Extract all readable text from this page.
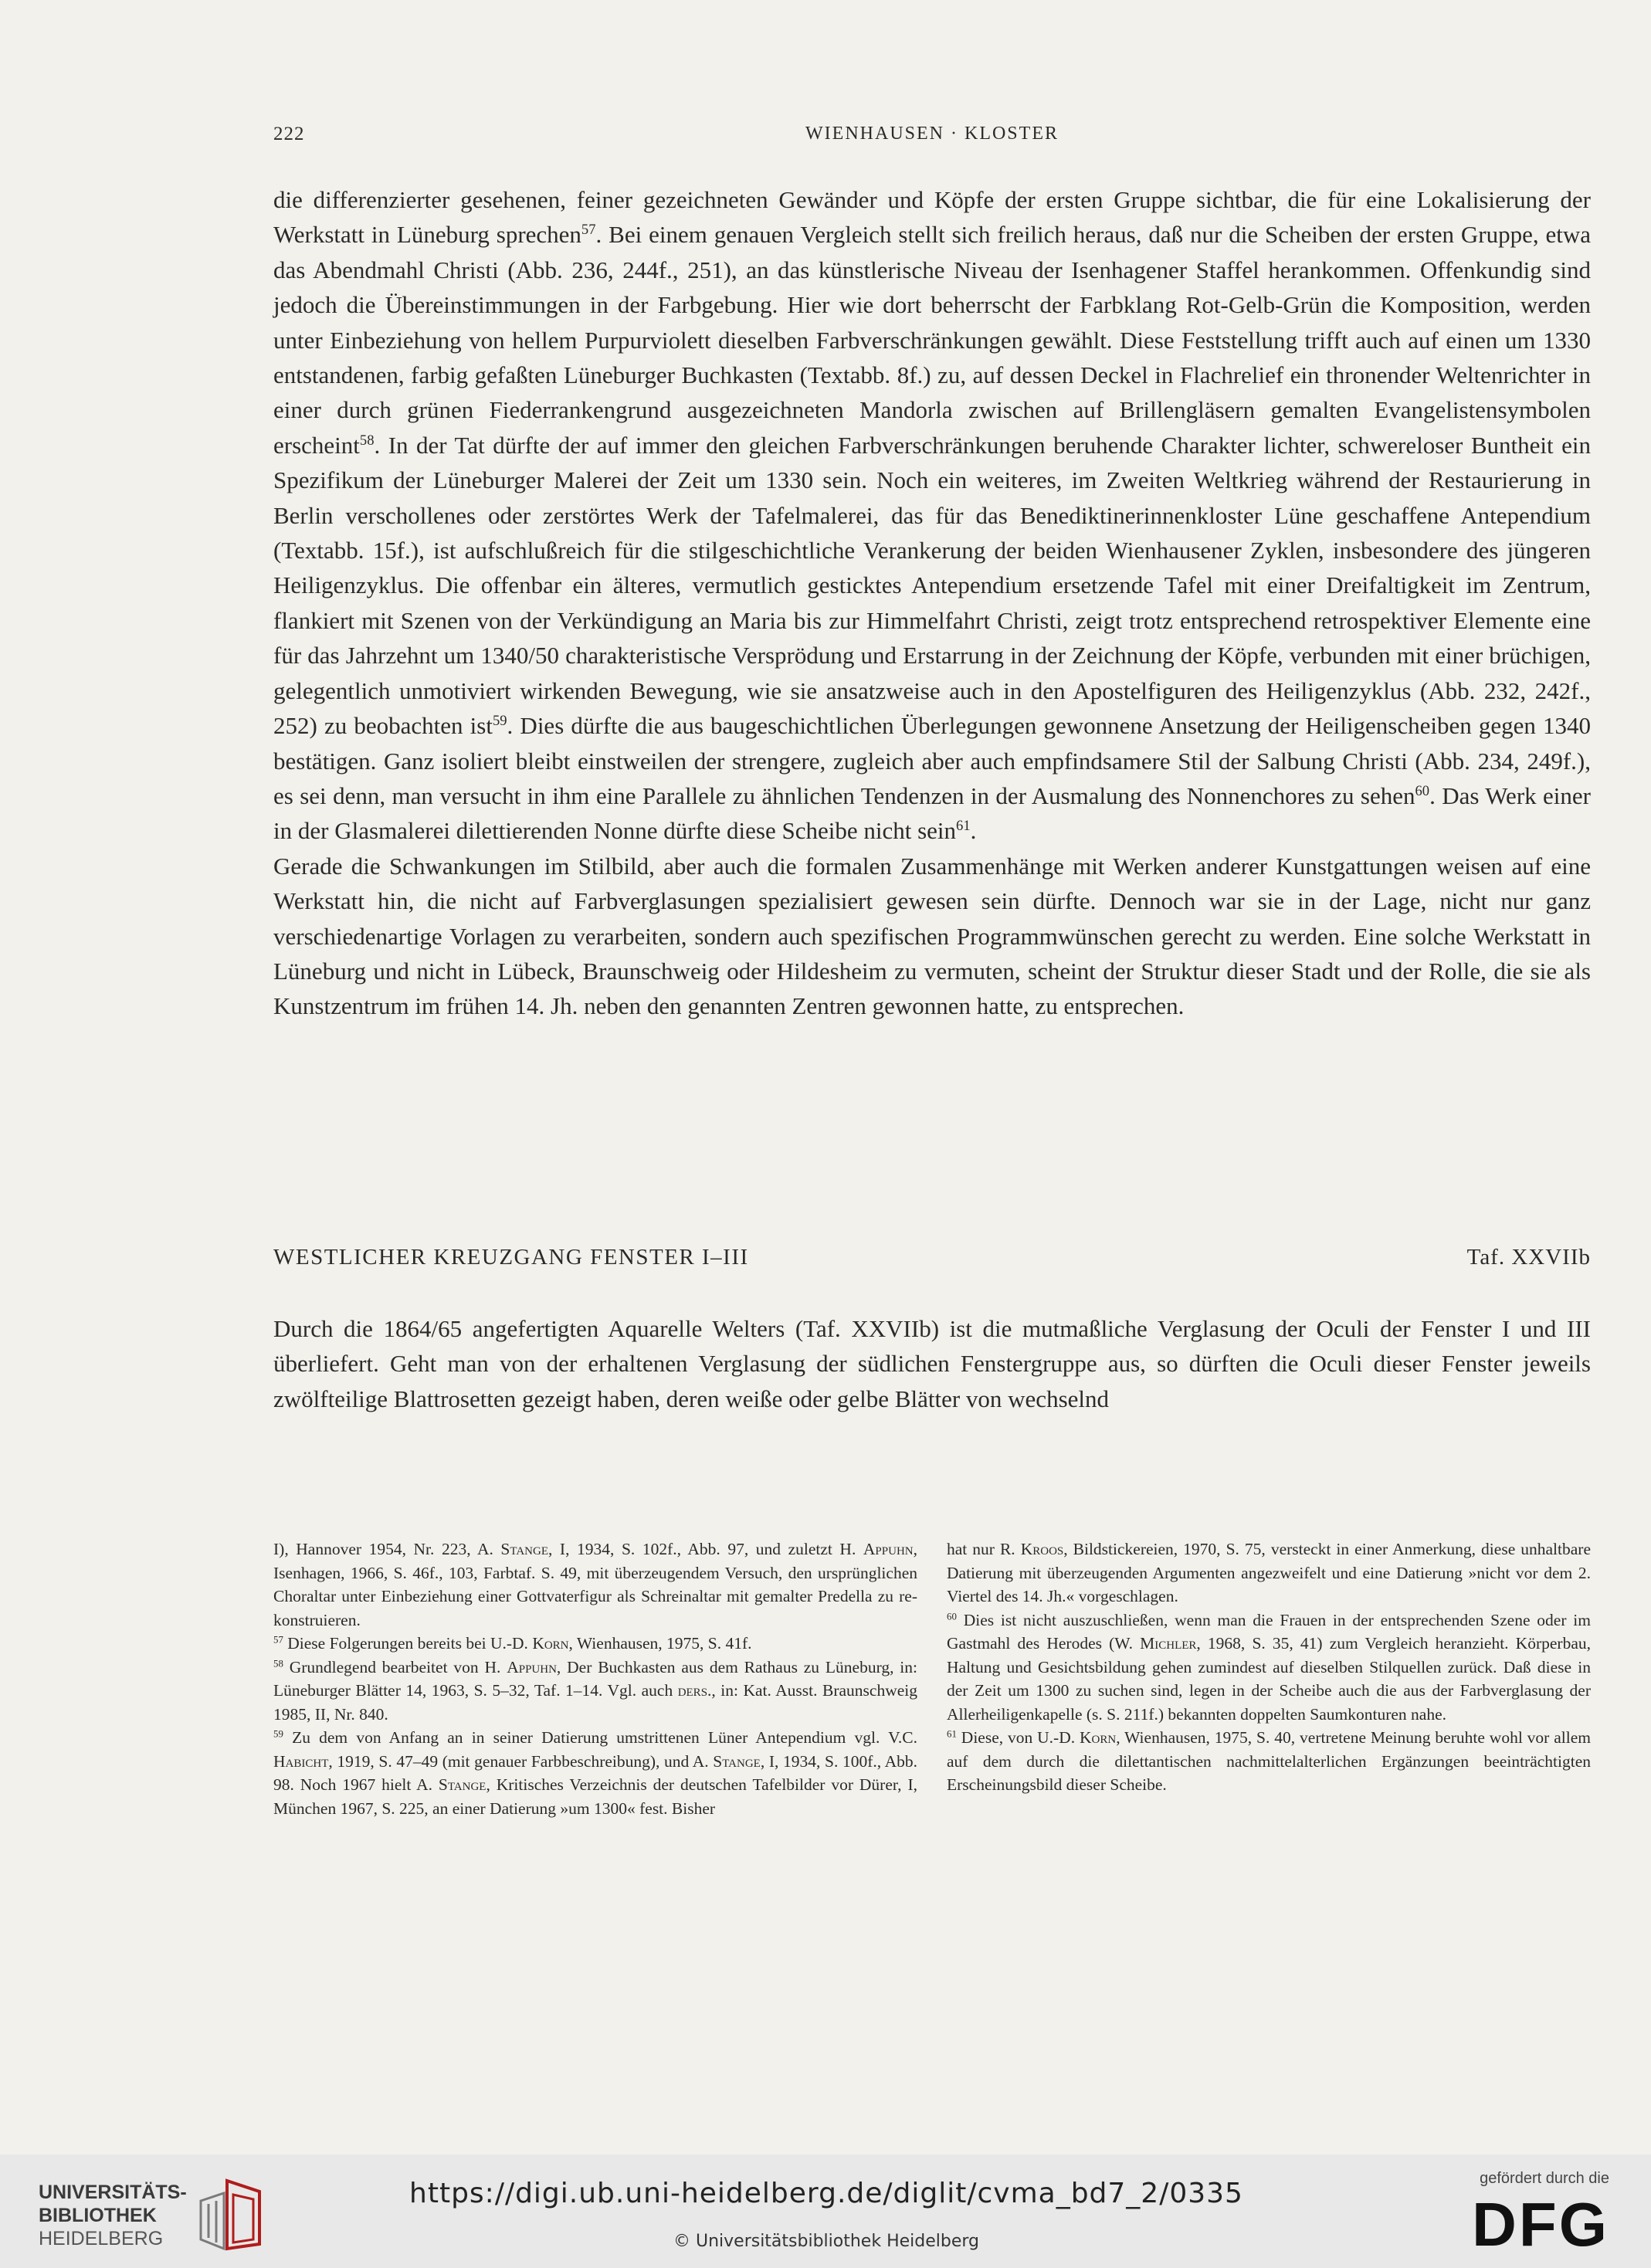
222	WIENHAUSEN · KLOSTER

die differenzierter gesehenen, feiner gezeichneten Gewänder und Köpfe der ersten Gruppe sichtbar, die für eine Lokalisierung der Werkstatt in Lüneburg sprechen$^{57}$. Bei einem genauen Vergleich stellt sich freilich heraus, daß nur die Scheiben der ersten Gruppe, etwa das Abendmahl Christi (Abb. 236, 244f., 251), an das künstlerische Niveau der Isenhagener Staffel herankommen. Offenkundig sind jedoch die Übereinstimmungen in der Farbgebung. Hier wie dort beherrscht der Farbklang Rot-Gelb-Grün die Komposition, werden unter Einbeziehung von hellem Purpurviolett dieselben Farbverschränkungen gewählt. Diese Feststellung trifft auch auf einen um 1330 entstandenen, farbig gefaßten Lüneburger Buchkasten (Textabb. 8f.) zu, auf dessen Deckel in Flachrelief ein thronender Weltenrichter in einer durch grünen Fiederrankengrund ausgezeichneten Mandorla zwischen auf Brillengläsern gemalten Evangelistensymbolen erscheint$^{58}$. In der Tat dürfte der auf immer den gleichen Farbverschränkungen beruhende Charakter lichter, schwereloser Buntheit ein Spezifikum der Lüneburger Malerei der Zeit um 1330 sein. Noch ein weiteres, im Zweiten Weltkrieg während der Restaurierung in Berlin verschollenes oder zerstörtes Werk der Tafelmalerei, das für das Benediktinerinnenkloster Lüne geschaffene Antependium (Textabb. 15f.), ist aufschlußreich für die stilgeschichtliche Verankerung der beiden Wienhausener Zyklen, insbesondere des jüngeren Heiligenzyklus. Die offenbar ein älteres, vermutlich gesticktes Antependium ersetzende Tafel mit einer Dreifaltigkeit im Zentrum, flankiert mit Szenen von der Verkündigung an Maria bis zur Himmelfahrt Christi, zeigt trotz entsprechend retrospektiver Elemente eine für das Jahrzehnt um 1340/50 charakteristische Versprödung und Erstarrung in der Zeichnung der Köpfe, verbunden mit einer brüchigen, gelegentlich unmotiviert wirkenden Bewegung, wie sie ansatzweise auch in den Apostelfiguren des Heiligenzyklus (Abb. 232, 242f., 252) zu beobachten ist$^{59}$. Dies dürfte die aus baugeschichtlichen Überlegungen gewonnene Ansetzung der Heiligenscheiben gegen 1340 bestätigen. Ganz isoliert bleibt einstweilen der strengere, zugleich aber auch empfindsamere Stil der Salbung Christi (Abb. 234, 249f.), es sei denn, man versucht in ihm eine Parallele zu ähnlichen Tendenzen in der Ausmalung des Nonnenchores zu sehen$^{60}$. Das Werk einer in der Glasmalerei dilettierenden Nonne dürfte diese Scheibe nicht sein$^{61}$.

Gerade die Schwankungen im Stilbild, aber auch die formalen Zusammenhänge mit Werken anderer Kunstgattungen weisen auf eine Werkstatt hin, die nicht auf Farbverglasungen spezialisiert gewesen sein dürfte. Dennoch war sie in der Lage, nicht nur ganz verschiedenartige Vorlagen zu verarbeiten, sondern auch spezifischen Programmwünschen gerecht zu werden. Eine solche Werkstatt in Lüneburg und nicht in Lübeck, Braunschweig oder Hildesheim zu vermuten, scheint der Struktur dieser Stadt und der Rolle, die sie als Kunstzentrum im frühen 14. Jh. neben den genannten Zentren gewonnen hatte, zu entsprechen.

WESTLICHER KREUZGANG FENSTER I–III	Taf. XXVIIb

Durch die 1864/65 angefertigten Aquarelle Welters (Taf. XXVIIb) ist die mutmaßliche Verglasung der Oculi der Fenster I und III überliefert. Geht man von der erhaltenen Verglasung der südlichen Fenstergruppe aus, so dürften die Oculi dieser Fenster jeweils zwölfteilige Blattrosetten gezeigt haben, deren weiße oder gelbe Blätter von wechselnd

I), Hannover 1954, Nr. 223, A. Stange, I, 1934, S. 102f., Abb. 97, und zuletzt H. Appuhn, Isenhagen, 1966, S. 46f., 103, Farbtaf. S. 49, mit überzeugendem Versuch, den ursprünglichen Choraltar unter Einbeziehung einer Gottvaterfigur als Schreinaltar mit gemalter Predella zu rekonstruieren.

$^{57}$ Diese Folgerungen bereits bei U.-D. Korn, Wienhausen, 1975, S. 41f.

$^{58}$ Grundlegend bearbeitet von H. Appuhn, Der Buchkasten aus dem Rathaus zu Lüneburg, in: Lüneburger Blätter 14, 1963, S. 5–32, Taf. 1–14. Vgl. auch ders., in: Kat. Ausst. Braunschweig 1985, II, Nr. 840.

$^{59}$ Zu dem von Anfang an in seiner Datierung umstrittenen Lüner Antependium vgl. V.C. Habicht, 1919, S. 47–49 (mit genauer Farbbeschreibung), und A. Stange, I, 1934, S. 100f., Abb. 98. Noch 1967 hielt A. Stange, Kritisches Verzeichnis der deutschen Tafelbilder vor Dürer, I, München 1967, S. 225, an einer Datierung »um 1300« fest. Bisher

hat nur R. Kroos, Bildstickereien, 1970, S. 75, versteckt in einer Anmerkung, diese unhaltbare Datierung mit überzeugenden Argumenten angezweifelt und eine Datierung »nicht vor dem 2. Viertel des 14. Jh.« vorgeschlagen.

$^{60}$ Dies ist nicht auszuschließen, wenn man die Frauen in der entsprechenden Szene oder im Gastmahl des Herodes (W. Michler, 1968, S. 35, 41) zum Vergleich heranzieht. Körperbau, Haltung und Gesichtsbildung gehen zumindest auf dieselben Stilquellen zurück. Daß diese in der Zeit um 1300 zu suchen sind, legen in der Scheibe auch die aus der Farbverglasung der Allerheiligenkapelle (s. S. 211f.) bekannten doppelten Saumkonturen nahe.

$^{61}$ Diese, von U.-D. Korn, Wienhausen, 1975, S. 40, vertretene Meinung beruhte wohl vor allem auf dem durch die dilettantischen nachmittelalterlichen Ergänzungen beeinträchtigten Erscheinungsbild dieser Scheibe.

UNIVERSITÄTS-
BIBLIOTHEK
HEIDELBERG
https://digi.ub.uni-heidelberg.de/diglit/cvma_bd7_2/0335
© Universitätsbibliothek Heidelberg
gefördert durch die
DFG
